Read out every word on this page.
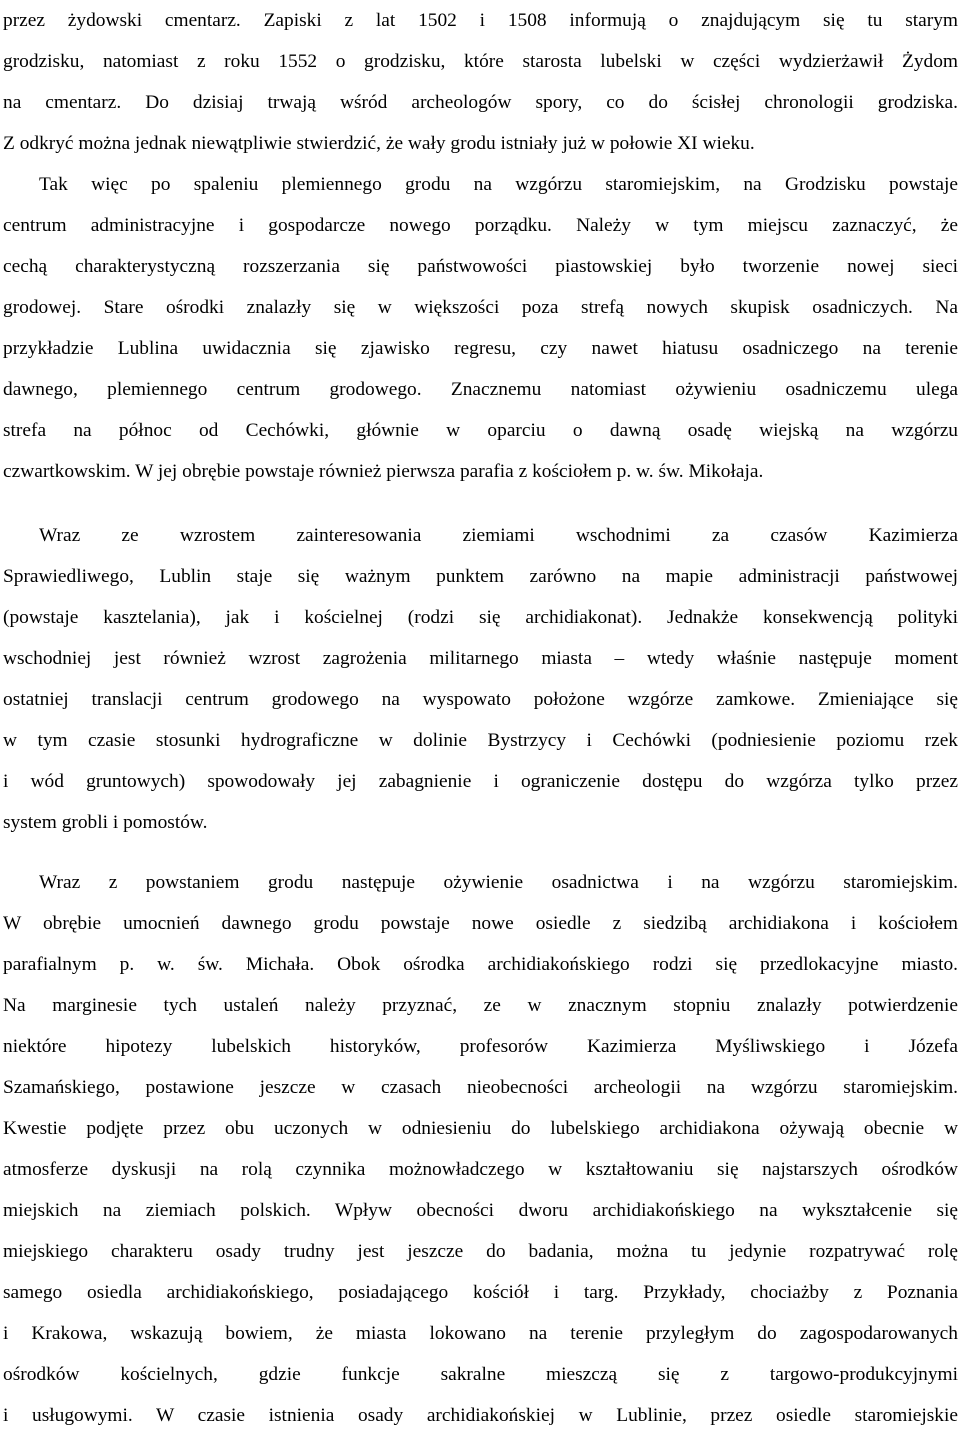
przez żydowski cmentarz. Zapiski z lat 1502 i 1508 informują o znajdującym się tu starym
grodzisku, natomiast z roku 1552 o grodzisku, które starosta lubelski w części wydzierżawił Żydom
na cmentarz. Do dzisiaj trwają wśród archeologów spory, co do ścisłej chronologii grodziska.
Z odkryć można jednak niewątpliwie stwierdzić, że wały grodu istniały już w połowie XI wieku.
Tak więc po spaleniu plemiennego grodu na wzgórzu staromiejskim, na Grodzisku powstaje
centrum administracyjne i gospodarcze nowego porządku. Należy w tym miejscu zaznaczyć, że
cechą charakterystyczną rozszerzania się państwowości piastowskiej było tworzenie nowej sieci
grodowej. Stare ośrodki znalazły się w większości poza strefą nowych skupisk osadniczych. Na
przykładzie Lublina uwidacznia się zjawisko regresu, czy nawet hiatusu osadniczego na terenie
dawnego, plemiennego centrum grodowego. Znacznemu natomiast ożywieniu osadniczemu ulega
strefa na północ od Cechówki, głównie w oparciu o dawną osadę wiejską na wzgórzu
czwartkowskim. W jej obrębie powstaje również pierwsza parafia z kościołem p. w. św. Mikołaja.
Wraz ze wzrostem zainteresowania ziemiami wschodnimi za czasów Kazimierza
Sprawiedliwego, Lublin staje się ważnym punktem zarówno na mapie administracji państwowej
(powstaje kasztelania), jak i kościelnej (rodzi się archidiakonat). Jednakże konsekwencją polityki
wschodniej jest również wzrost zagrożenia militarnego miasta – wtedy właśnie następuje moment
ostatniej translacji centrum grodowego na wyspowato położone wzgórze zamkowe. Zmieniające się
w tym czasie stosunki hydrograficzne w dolinie Bystrzycy i Cechówki (podniesienie poziomu rzek
i wód gruntowych) spowodowały jej zabagnienie i ograniczenie dostępu do wzgórza tylko przez
system grobli i pomostów.
Wraz z powstaniem grodu następuje ożywienie osadnictwa i na wzgórzu staromiejskim.
W obrębie umocnień dawnego grodu powstaje nowe osiedle z siedzibą archidiakona i kościołem
parafialnym p. w. św. Michała. Obok ośrodka archidiakońskiego rodzi się przedlokacyjne miasto.
Na marginesie tych ustaleń należy przyznać, ze w znacznym stopniu znalazły potwierdzenie
niektóre hipotezy lubelskich historyków, profesorów Kazimierza Myśliwskiego i Józefa
Szamańskiego, postawione jeszcze w czasach nieobecności archeologii na wzgórzu staromiejskim.
Kwestie podjęte przez obu uczonych w odniesieniu do lubelskiego archidiakona ożywają obecnie w
atmosferze dyskusji na rolą czynnika możnowładczego w kształtowaniu się najstarszych ośrodków
miejskich na ziemiach polskich. Wpływ obecności dworu archidiakońskiego na wykształcenie się
miejskiego charakteru osady trudny jest jeszcze do badania, można tu jedynie rozpatrywać rolę
samego osiedla archidiakońskiego, posiadającego kościół i targ. Przykłady, chociażby z Poznania
i Krakowa, wskazują bowiem, że miasta lokowano na terenie przyległym do zagospodarowanych
ośrodków kościelnych, gdzie funkcje sakralne mieszczą się z targowo-produkcyjnymi
i usługowymi. W czasie istnienia osady archidiakońskiej w Lublinie, przez osiedle staromiejskie
